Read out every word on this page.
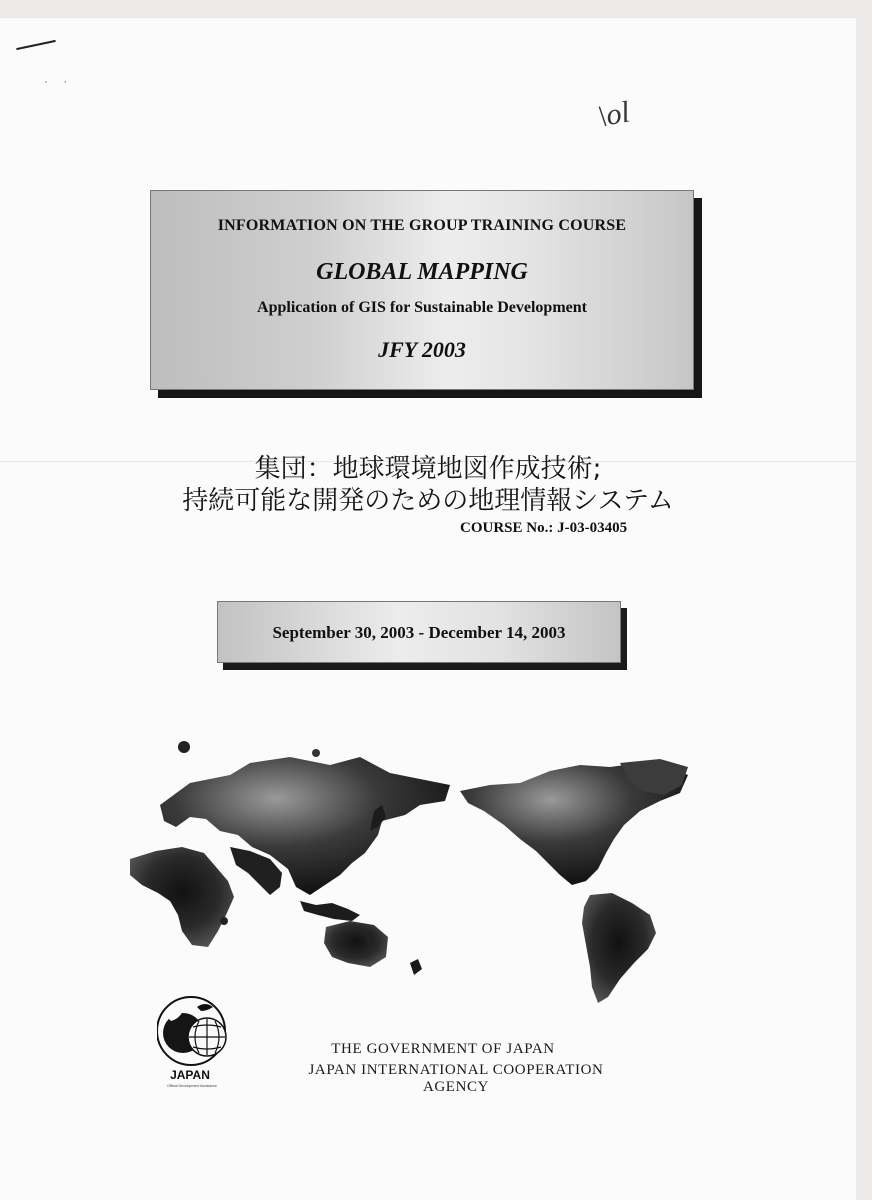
· ·
\ol
INFORMATION ON THE GROUP TRAINING COURSE
GLOBAL MAPPING
Application of GIS for Sustainable Development
JFY 2003
集団：地球環境地図作成技術;
持続可能な開発のための地理情報システム
COURSE No.: J-03-03405
September 30, 2003 - December 14, 2003
JAPAN
Official Development Assistance
THE GOVERNMENT OF JAPAN
JAPAN INTERNATIONAL COOPERATION AGENCY
